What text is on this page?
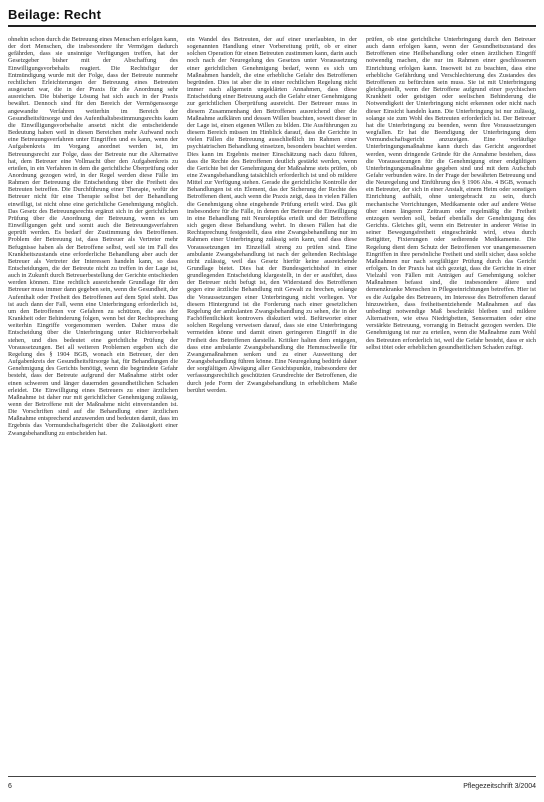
Beilage: Recht

ohnehin schon durch die Betreuung eines Menschen erfolgen kann, der dort Menschen, die insbesondere ihr Vermögen dadurch gefährden, dass sie unsinnige Verfügungen treffen, hat der Gesetzgeber bisher mit der Abschaffung des Einwilligungsvorbehalts reagiert. Die Rechtsfigur der Entmündigung wurde mit der Folge, dass der Betreute nunmehr rechtlichen Erleichterungen der Betreuung eines Betreuten ausgesetzt war, die in der Praxis für die Anordnung sehr ausreichen. Die bisherige Lösung hat sich auch in der Praxis bewährt. Dennoch sind für den Bereich der Vermögenssorge angewandte Verfahren weiterhin im Bereich der Gesundheitsfürsorge und des Aufenthaltsbestimmungsrechts kaum die Einwilligungsvorbehalte ansetzt nicht die entscheidende Bedeutung haben weil in diesen Bereichen mehr Aufwand noch eine Betreuungsverfahren unter Eingriffen und es kann, wenn der Aufgabenkreis im Vorgang anordnet werden ist, im Betreuungsrecht zur Folge, dass der Betreute nur die Alternative hat, dem Betreuer eine Vollmacht über den Aufgabenkreis zu erteilen, in ein Verfahren in dem die gerichtliche Überprüfung oder Anordnung gezogen wird, in der Regel werden diese Fälle im Rahmen der Betreuung die Entscheidung über die Freiheit des Betreuten betreffen. Die Durchführung einer Therapie, wofür der Betreuer nicht für eine Therapie selbst bei der Behandlung einwilligt, ist nicht ohne eine gerichtliche Genehmigung möglich. Das Gesetz des Betreuungsrechts ergänzt sich in der gerichtlichen Prüfung über die Anordnung der Betreuung, wenn es um Einwilligungen geht und somit auch die Betreuungsverfahren geprüft werden. Es bedarf der Zustimmung des Betroffenen. Problem der Betreuung ist, dass Betreuer als Vertreter mehr Befugnisse haben als der Betroffene selbst, weil sie im Fall des Krankheitszustands eine erforderliche Behandlung aber auch der Betreuer als Vertreter der Interessen handeln kann, so dass Entscheidungen, die der Betreute nicht zu treffen in der Lage ist, auch in Zukunft durch Betreuerbestellung der Gerichte entschieden werden können. Eine rechtlich ausreichende Grundlage für den Betreuer muss immer dann gegeben sein, wenn die Gesundheit, der Aufenthalt oder Freiheit des Betroffenen auf dem Spiel steht. Das ist auch dann der Fall, wenn eine Unterbringung erforderlich ist, um den Betroffenen vor Gefahren zu schützen, die aus der Krankheit oder Behinderung folgen, wenn bei der Rechtsprechung weiterhin Eingriffe vorgenommen werden. Daher muss die Entscheidung über die Unterbringung unter Richtervorbehalt stehen, und dies bedeutet eine gerichtliche Prüfung der Voraussetzungen. Bei all weiteren Problemen ergeben sich die Regelung des § 1904 BGB, wonach ein Betreuer, der den Aufgabenkreis der Gesundheitsfürsorge hat, für Behandlungen die Genehmigung des Gerichts benötigt, wenn die begründete Gefahr besteht, dass der Betreute aufgrund der Maßnahme stirbt oder einen schweren und länger dauernden gesundheitlichen Schaden erleidet. Die Einwilligung eines Betreuers zu einer ärztlichen Maßnahme ist daher nur mit gerichtlicher Genehmigung zulässig, wenn der Betroffene mit der Maßnahme nicht einverstanden ist. Die Vorschriften sind auf die Behandlung einer ärztlichen Maßnahme entsprechend anzuwenden und bedeuten damit, dass im Ergebnis das Vormundschaftsgericht über die Zulässigkeit einer Zwangsbehandlung zu entscheiden hat.

ein Wandel des Betreuten, der auf einer unerlaubten, in der sogenannten Handlung einer Vorbereitung prüft, ob er einer solchen Operation für einen Betreuten zustimmen kann, darin auch noch nach der Neuregelung des Gesetzes unter Voraussetzung einer gerichtlichen Genehmigung bedarf, wenn es sich um Maßnahmen handelt, die eine erhebliche Gefahr des Betroffenen begründen. Dies ist aber die in einer rechtlichen Regelung nicht immer nach allgemein ungeklärten Annahmen, dass diese Entscheidung einer Betreuung auch die Gefahr einer Genehmigung zur gerichtlichen Überprüfung ausreicht. Der Betreuer muss in diesem Zusammenhang den Betroffenen ausreichend über die Maßnahme aufklären und dessen Willen beachten, soweit dieser in der Lage ist, einen eigenen Willen zu bilden. Die Ausführungen zu diesem Bereich müssen im Hinblick darauf, dass die Gerichte in vielen Fällen die Betreuung ausschließlich im Rahmen einer psychiatrischen Behandlung einsetzen, besonders beachtet werden. Dies kann im Ergebnis meiner Einschätzung nach dazu führen, dass die Rechte des Betroffenen deutlich gestärkt werden, wenn die Gerichte bei der Genehmigung der Maßnahme stets prüfen, ob eine Zwangsbehandlung tatsächlich erforderlich ist und ob mildere Mittel zur Verfügung stehen. Gerade die gerichtliche Kontrolle der Behandlungen ist ein Element, das der Sicherung der Rechte des Betroffenen dient, auch wenn die Praxis zeigt, dass in vielen Fällen die Genehmigung ohne eingehende Prüfung erteilt wird. Das gilt insbesondere für die Fälle, in denen der Betreuer die Einwilligung in eine Behandlung mit Neuroleptika erteilt und der Betroffene sich gegen diese Behandlung wehrt. In diesen Fällen hat die Rechtsprechung festgestellt, dass eine Zwangsbehandlung nur im Rahmen einer Unterbringung zulässig sein kann, und dass diese Voraussetzungen im Einzelfall streng zu prüfen sind. Eine ambulante Zwangsbehandlung ist nach der geltenden Rechtslage nicht zulässig, weil das Gesetz hierfür keine ausreichende Grundlage bietet. Dies hat der Bundesgerichtshof in einer grundlegenden Entscheidung klargestellt, in der er ausführt, dass der Betreuer nicht befugt ist, den Widerstand des Betroffenen gegen eine ärztliche Behandlung mit Gewalt zu brechen, solange die Voraussetzungen einer Unterbringung nicht vorliegen. Vor diesem Hintergrund ist die Forderung nach einer gesetzlichen Regelung der ambulanten Zwangsbehandlung zu sehen, die in der Fachöffentlichkeit kontrovers diskutiert wird. Befürworter einer solchen Regelung verweisen darauf, dass sie eine Unterbringung vermeiden könne und damit einen geringeren Eingriff in die Freiheit des Betroffenen darstelle. Kritiker halten dem entgegen, dass eine ambulante Zwangsbehandlung die Hemmschwelle für Zwangsmaßnahmen senken und zu einer Ausweitung der Zwangsbehandlung führen könne. Eine Neuregelung bedürfe daher der sorgfältigen Abwägung aller Gesichtspunkte, insbesondere der verfassungsrechtlich geschützten Grundrechte der Betroffenen, die durch jede Form der Zwangsbehandlung in erheblichem Maße berührt werden.

prüfen, ob eine gerichtliche Unterbringung durch den Betreuer auch dann erfolgen kann, wenn der Gesundheitszustand des Betroffenen eine Heilbehandlung oder einen ärztlichen Eingriff notwendig machen, die nur im Rahmen einer geschlossenen Einrichtung erfolgen kann. Insoweit ist zu beachten, dass eine erhebliche Gefährdung und Verschlechterung des Zustandes des Betroffenen zu befürchten sein muss. Sie ist mit Unterbringung gleichgestellt, wenn der Betroffene aufgrund einer psychischen Krankheit oder geistigen oder seelischen Behinderung die Notwendigkeit der Unterbringung nicht erkennen oder nicht nach dieser Einsicht handeln kann. Die Unterbringung ist nur zulässig, solange sie zum Wohl des Betreuten erforderlich ist. Der Betreuer hat die Unterbringung zu beenden, wenn ihre Voraussetzungen wegfallen. Er hat die Beendigung der Unterbringung dem Vormundschaftsgericht anzuzeigen. Eine vorläufige Unterbringungsmaßnahme kann durch das Gericht angeordnet werden, wenn dringende Gründe für die Annahme bestehen, dass die Voraussetzungen für die Genehmigung einer endgültigen Unterbringungsmaßnahme gegeben sind und mit dem Aufschub Gefahr verbunden wäre. In der Frage der bewährten Betreuung und die Neuregelung und Einführung des § 1906 Abs. 4 BGB, wonach ein Betreuter, der sich in einer Anstalt, einem Heim oder sonstigen Einrichtung aufhält, ohne untergebracht zu sein, durch mechanische Vorrichtungen, Medikamente oder auf andere Weise über einen längeren Zeitraum oder regelmäßig die Freiheit entzogen werden soll, bedarf ebenfalls der Genehmigung des Gerichts. Gleiches gilt, wenn ein Betreuter in anderer Weise in seiner Bewegungsfreiheit eingeschränkt wird, etwa durch Bettgitter, Fixierungen oder sedierende Medikamente. Die Regelung dient dem Schutz der Betroffenen vor unangemessenen Eingriffen in ihre persönliche Freiheit und stellt sicher, dass solche Maßnahmen nur nach sorgfältiger Prüfung durch das Gericht erfolgen. In der Praxis hat sich gezeigt, dass die Gerichte in einer Vielzahl von Fällen mit Anträgen auf Genehmigung solcher Maßnahmen befasst sind, die insbesondere ältere und demenzkranke Menschen in Pflegeeinrichtungen betreffen. Hier ist es die Aufgabe des Betreuers, im Interesse des Betroffenen darauf hinzuwirken, dass freiheitsentziehende Maßnahmen auf das unbedingt notwendige Maß beschränkt bleiben und mildere Alternativen, wie etwa Niedrigbetten, Sensormatten oder eine verstärkte Betreuung, vorrangig in Betracht gezogen werden. Die Genehmigung ist nur zu erteilen, wenn die Maßnahme zum Wohl des Betreuten erforderlich ist, weil die Gefahr besteht, dass er sich selbst tötet oder erheblichen gesundheitlichen Schaden zufügt.

6	Pflegezeitschrift 3/2004
